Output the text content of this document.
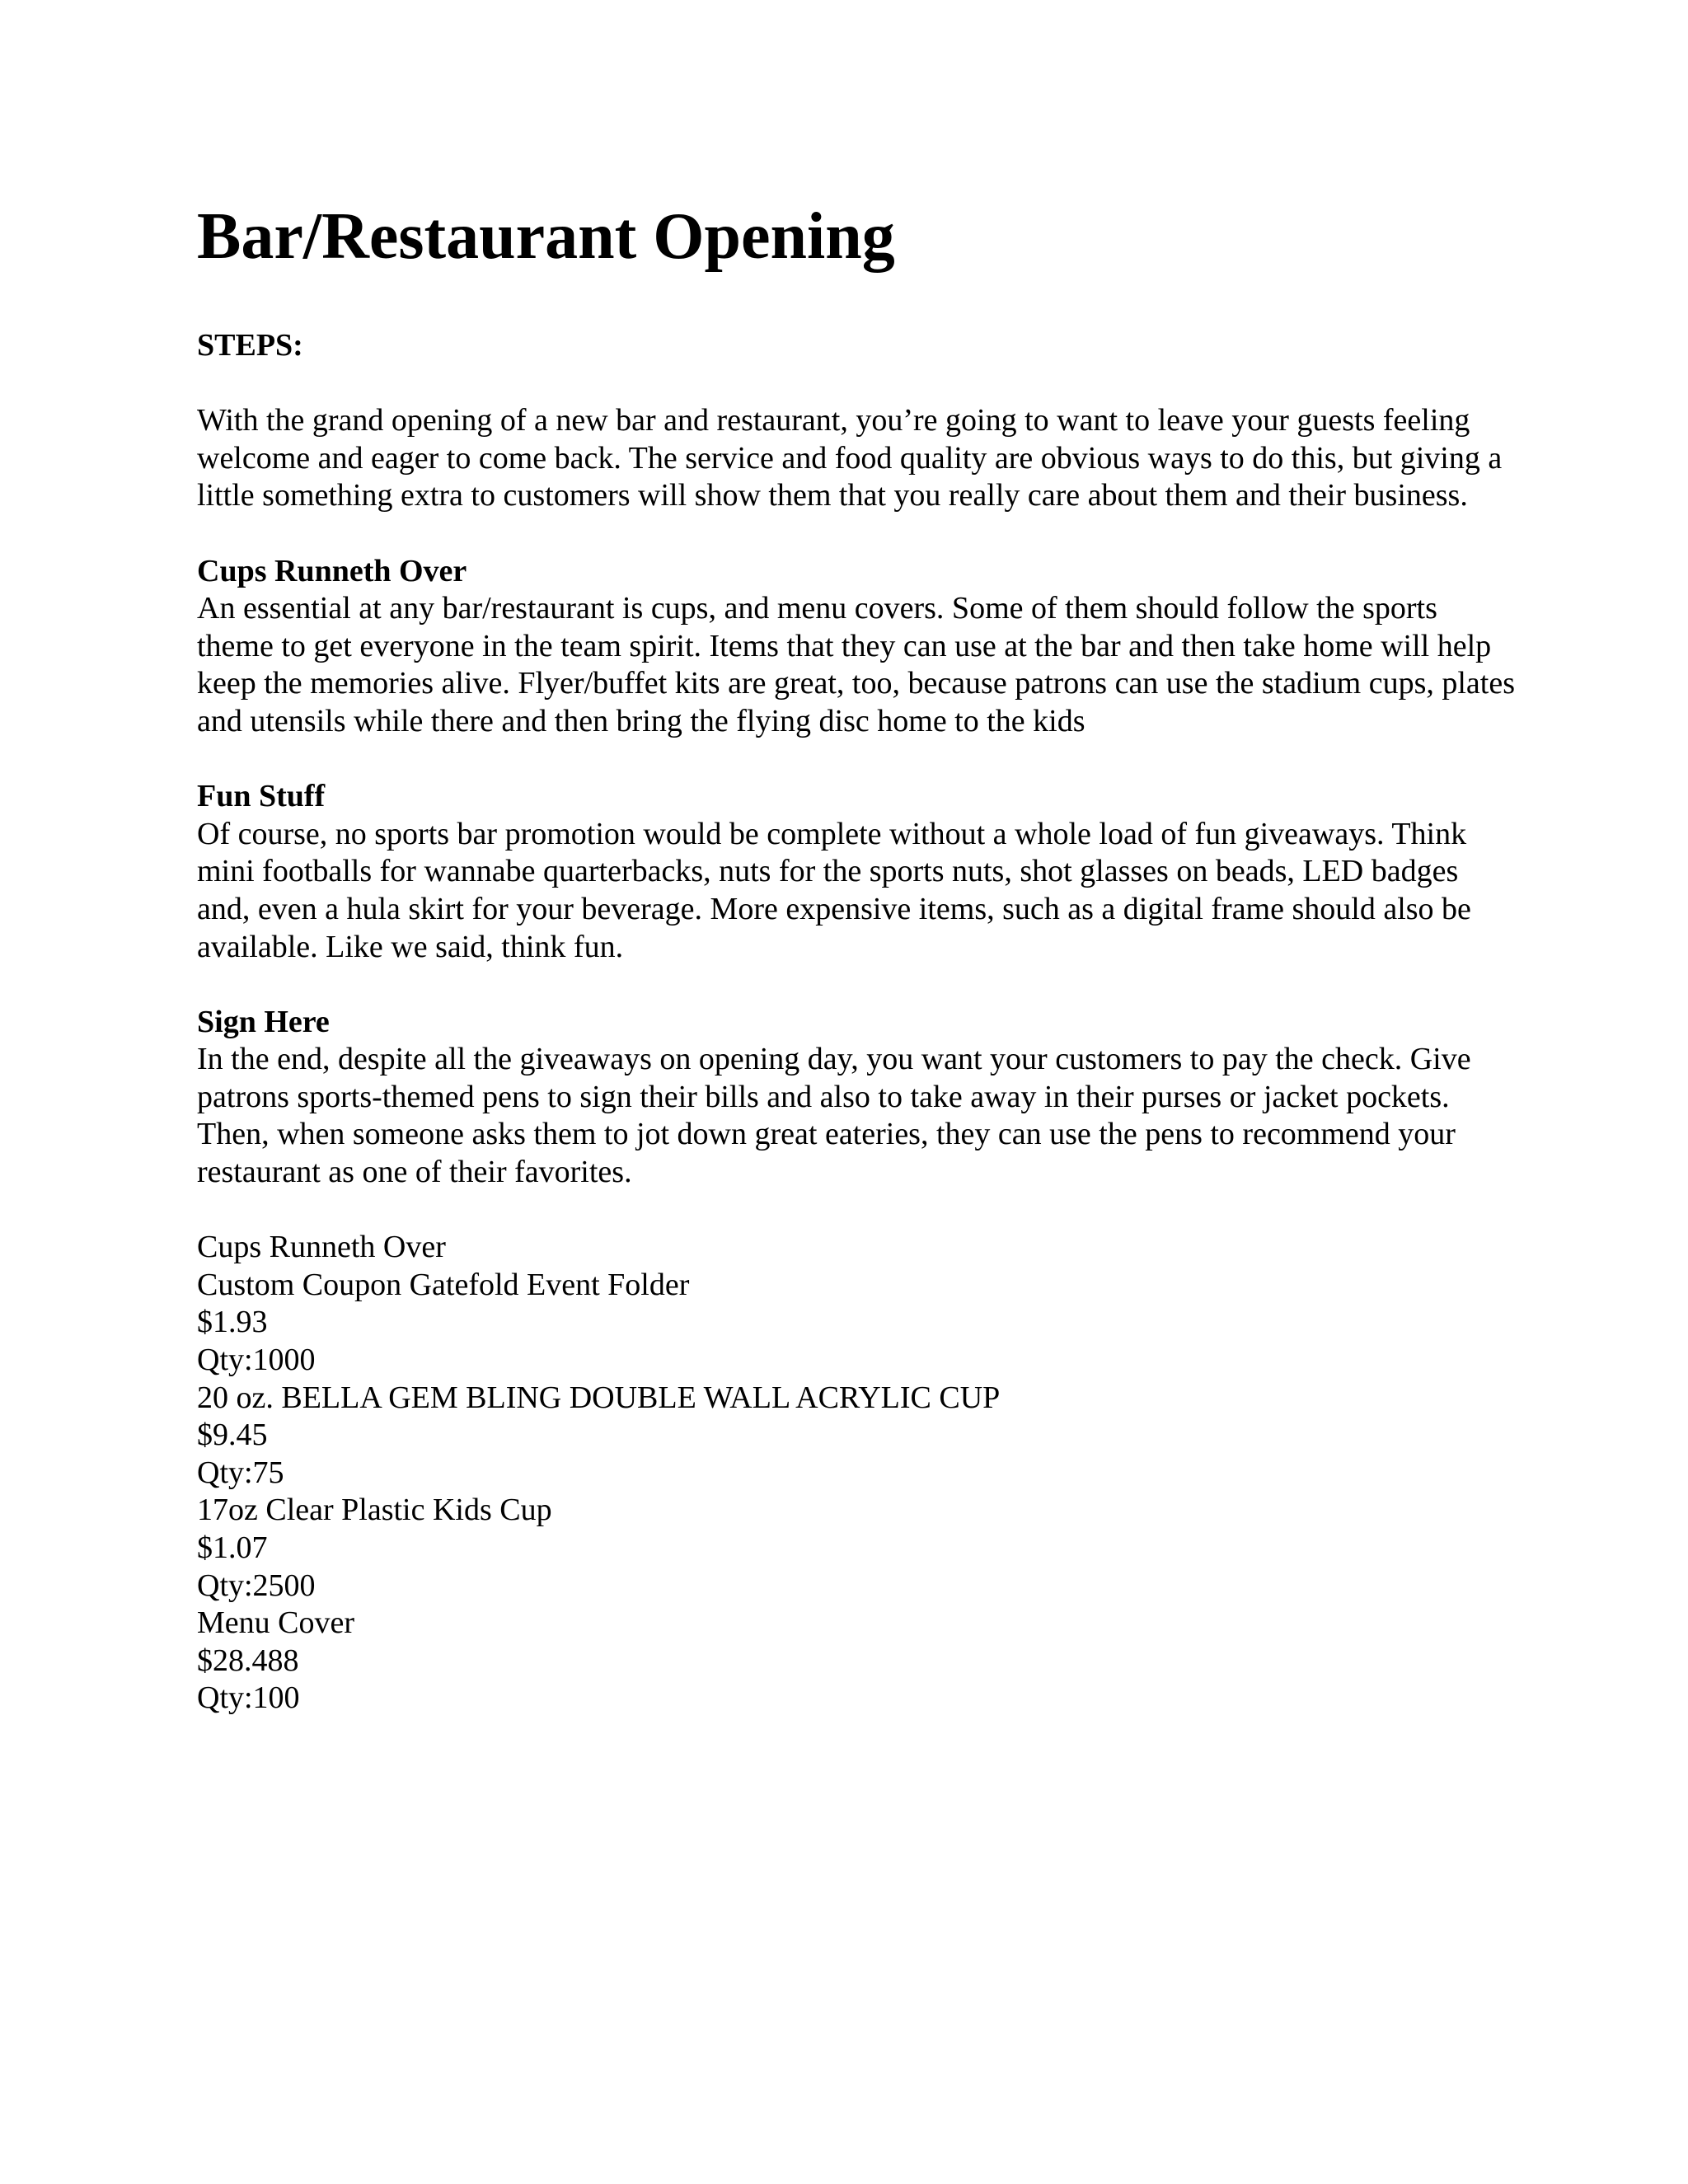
Bar/Restaurant Opening

STEPS:

With the grand opening of a new bar and restaurant, you’re going to want to leave your guests feeling welcome and eager to come back. The service and food quality are obvious ways to do this, but giving a little something extra to customers will show them that you really care about them and their business.

Cups Runneth Over

An essential at any bar/restaurant is cups, and menu covers. Some of them should follow the sports theme to get everyone in the team spirit. Items that they can use at the bar and then take home will help keep the memories alive. Flyer/buffet kits are great, too, because patrons can use the stadium cups, plates and utensils while there and then bring the flying disc home to the kids

Fun Stuff

Of course, no sports bar promotion would be complete without a whole load of fun giveaways. Think mini footballs for wannabe quarterbacks, nuts for the sports nuts, shot glasses on beads, LED badges and, even a hula skirt for your beverage. More expensive items, such as a digital frame should also be available. Like we said, think fun.

Sign Here

In the end, despite all the giveaways on opening day, you want your customers to pay the check. Give patrons sports-themed pens to sign their bills and also to take away in their purses or jacket pockets. Then, when someone asks them to jot down great eateries, they can use the pens to recommend your restaurant as one of their favorites.

Cups Runneth Over

Custom Coupon Gatefold Event Folder

$1.93

Qty:1000

20 oz. BELLA GEM BLING DOUBLE WALL ACRYLIC CUP

$9.45

Qty:75

17oz Clear Plastic Kids Cup

$1.07

Qty:2500

Menu Cover

$28.488

Qty:100
